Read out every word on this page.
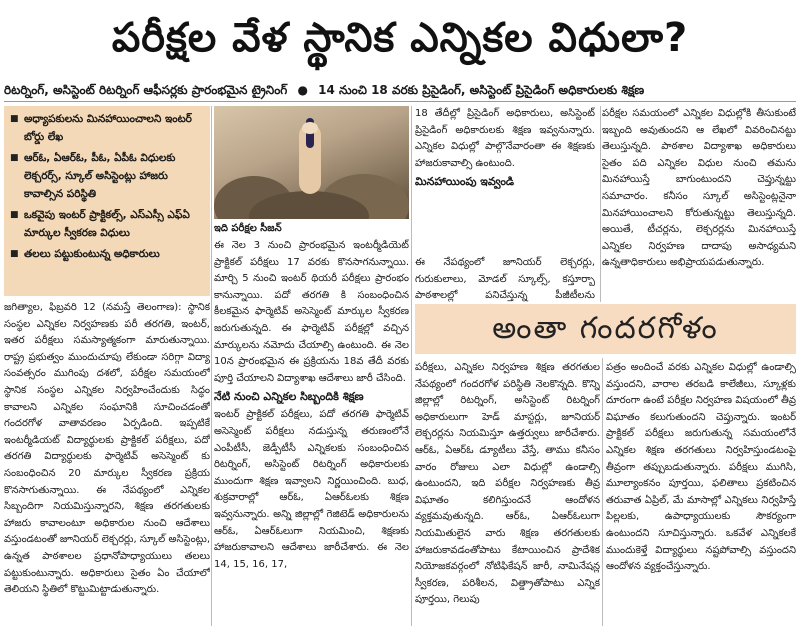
పరీక్షల వేళ స్థానిక ఎన్నికల విధులా?
రిటర్నింగ్, అసిస్టెంట్ రిటర్నింగ్ ఆఫీసర్లకు ప్రారంభమైన ట్రైనింగ్ ● 14 నుంచి 18 వరకు ప్రిసైడింగ్, అసిస్టెంట్ ప్రిసైడింగ్ అధికారులకు శిక్షణ
■ అధ్యాపకులను మినహాయించాలని ఇంటర్ బోర్డు లేఖ
■ ఆర్ఓ, ఏఆర్ఓ, పీఓ, ఏపీఓ విధులకు లెక్చరర్స్, స్కూల్ అసిస్టెంట్లు హాజరు కావాల్సిన పరిస్థితి
■ ఒకవైపు ఇంటర్ ప్రాక్టికల్స్, ఎస్ఎస్సీ ఎఫ్ఏ మార్కుల స్వీకరణ విధులు
■ తలలు పట్టుకుంటున్న అధికారులు
ఇది పరీక్షల సీజన్

జగిత్యాల, ఫిబ్రవరి 12 (నమస్తే తెలంగాణ): స్థానిక సంస్థల ఎన్నికల నిర్వహణకు పరీ తరగతి, ఇంటర్, ఇతర పరీక్షలు సమస్యాత్మకంగా మారుతున్నాయి. రాష్ట్ర ప్రభుత్వం ముందుచూపు లేకుండా సరిగ్గా విద్యా సంవత్సరం ముగింపు దశలో, పరీక్షల సమయంలో స్థానిక సంస్థల ఎన్నికల నిర్వహించేందుకు సిద్ధం కావాలని ఎన్నికల సంఘానికి సూచించడంతో గందరగోళ వాతావరణం ఏర్పడింది. ఇప్పటికే ఇంటర్మీడియట్ విద్యార్థులకు ప్రాక్టికల్ పరీక్షలు, పదో తరగతి విద్యార్థులకు ఫార్మెటివ్ అసెస్మెంట్ కు సంబంధించిన 20 మార్కుల స్వీకరణ ప్రక్రియ కొనసాగుతున్నాయి. ఈ నేపథ్యంలో ఎన్నికల సిబ్బందిగా నియమిస్తున్నారని, శిక్షణ తరగతులకు హాజరు కావాలంటూ అధికారుల నుంచి ఆదేశాలు వస్తుండటంతో జూనియర్ లెక్చరర్లు, స్కూల్ అసిస్టెంట్లు, ఉన్నత పాఠశాలల ప్రధానోపాధ్యాయులు తలలు పట్టుకుంటున్నారు. అధికారులు సైతం ఏం చేయాలో తెలియని స్థితిలో కొట్టుమిట్టాడుతున్నారు.

ఈ నెల 3 నుంచి ప్రారంభమైన ఇంటర్మీడియెట్ ప్రాక్టికల్ పరీక్షలు 17 వరకు కొనసాగనున్నాయి. మార్చి 5 నుంచి ఇంటర్ థియరీ పరీక్షలు ప్రారంభం కానున్నాయి. పదో తరగతి కి సంబంధించిన కీలకమైన ఫార్మెటివ్ అసెస్మెంట్ మార్కుల స్వీకరణ జరుగుతున్నది. ఈ ఫార్మెటివ్ పరీక్షల్లో వచ్చిన మార్కులను నమోదు చేయాల్సి ఉంటుంది. ఈ నెల 10న ప్రారంభమైన ఈ ప్రక్రియను 18వ తేదీ వరకు పూర్తి చేయాలని విద్యాశాఖ ఆదేశాలు జారీ చేసింది.

నేటి నుంచి ఎన్నికల సిబ్బందికి శిక్షణ

ఇంటర్ ప్రాక్టికల్ పరీక్షలు, పదో తరగతి ఫార్మెటివ్ అసెస్మెంట్ పరీక్షలు నడుస్తున్న తరుణంలోనే ఎంపీటీసీ, జెడ్పీటీసీ ఎన్నికలకు సంబంధించిన రిటర్నింగ్, అసిస్టెంట్ రిటర్నింగ్ అధికారులకు ముందుగా శిక్షణ ఇవ్వాలని నిర్ణయించింది. బుధ, శుక్రవారాల్లో ఆర్ఓ, ఏఆర్ఓలకు శిక్షణ ఇవ్వనున్నారు. అన్ని జిల్లాల్లో గెజిటెడ్ అధికారులను ఆర్ఓ, ఏఆర్ఓలుగా నియమించి, శిక్షణకు హాజరుకావాలని ఆదేశాలు జారీచేశారు. ఈ నెల 14, 15, 16, 17,

18 తేదీల్లో ప్రిసైడింగ్ అధికారులు, అసిస్టెంట్ ప్రిసైడింగ్ అధికారులకు శిక్షణ ఇవ్వనున్నారు. ఎన్నికల విధుల్లో పాల్గొనేవారంతా ఈ శిక్షణకు హాజరుకావాల్సి ఉంటుంది.

మినహాయింపు ఇవ్వండి

ఈ నేపథ్యంలో జూనియర్ లెక్చరర్లు, గురుకులాలు, మోడల్ స్కూల్స్, కస్తూర్బా పాఠశాలల్లో పనిచేస్తున్న పీజీటీలను

పరీక్షల సమయంలో ఎన్నికల విధుల్లోకి తీసుకుంటే ఇబ్బంది అవుతుందని ఆ లేఖలో వివరించినట్టు తెలుస్తున్నది. పాఠశాల విద్యాశాఖ అధికారులు సైతం పది ఎన్నికల విధుల నుంచి తమను మినహాయిస్తే బాగుంటుందని చెప్తున్నట్టు సమాచారం. కనీసం స్కూల్ అసిస్టెంట్లనైనా మినహాయించాలని కోరుతున్నట్టు తెలుస్తున్నది. అయితే, టీచర్లను, లెక్చరర్లను మినహాయిస్తే ఎన్నికల నిర్వహణ దాదాపు అసాధ్యమని ఉన్నతాధికారులు అభిప్రాయపడుతున్నారు.

అంతా గందరగోళం

పరీక్షలు, ఎన్నికల నిర్వహణ శిక్షణ తరగతుల నేపథ్యంలో గందరగోళ పరిస్థితి నెలకొన్నది. కొన్ని జిల్లాల్లో రిటర్నింగ్, అసిస్టెంట్ రిటర్నింగ్ అధికారులుగా హెడ్ మాస్టర్లు, జూనియర్ లెక్చరర్లను నియమిస్తూ ఉత్తర్వులు జారీచేశారు. ఆర్ఓ, ఏఆర్ఓ డ్యూటీలు వేస్తే, తాము కనీసం వారం రోజులు ఎలా విధుల్లో ఉండాల్సి ఉంటుందని, ఇది పరీక్షల నిర్వహణకు తీవ్ర విఘాతం కలిగిస్తుందనే ఆందోళన వ్యక్తమవుతున్నది. ఆర్ఓ, ఏఆర్ఓలుగా నియమితులైన వారు శిక్షణ తరగతులకు హాజరుకావడంతోపాటు కేటాయించిన ప్రాదేశిక నియోజకవర్గంలో నోటిఫికేషన్ జారీ, నామినేషన్ల స్వీకరణ, పరిశీలన, విత్డ్రాతోపాటు ఎన్నిక పూర్తయి, గెలుపు

పత్రం అందించే వరకు ఎన్నికల విధుల్లో ఉండాల్సి వస్తుందని, వారాల తరబడి కాలేజీలు, స్కూళ్లకు దూరంగా ఉంటే పరీక్షల నిర్వహణ విషయంలో తీవ్ర విఘాతం కలుగుతుందని చెప్తున్నారు. ఇంటర్ ప్రాక్టికల్ పరీక్షలు జరుగుతున్న సమయంలోనే ఎన్నికల శిక్షణ తరగతులు నిర్వహిస్తుండటంపై తీవ్రంగా తప్పుబడుతున్నారు. పరీక్షలు ముగిసి, మూల్యాంకనం పూర్తయి, ఫలితాలు ప్రకటించిన తరువాత ఏప్రిల్, మే మాసాల్లో ఎన్నికలు నిర్వహిస్తే పిల్లలకు, ఉపాధ్యాయులకు సౌకర్యంగా ఉంటుందని సూచిస్తున్నారు. ఒకవేళ ఎన్నికలకే ముందుకెళ్తే విద్యార్థులు నష్టపోవాల్సి వస్తుందని ఆందోళన వ్యక్తంచేస్తున్నారు.
